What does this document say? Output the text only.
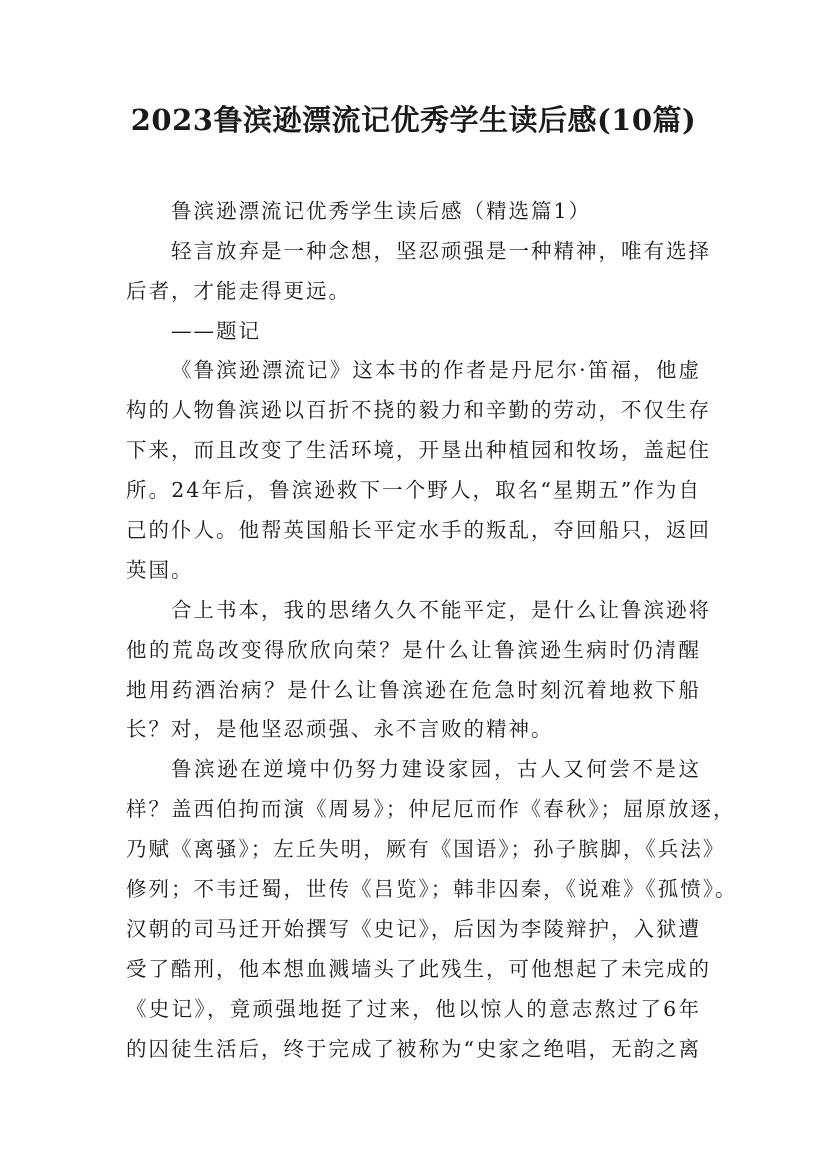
2023鲁滨逊漂流记优秀学生读后感(10篇)
鲁滨逊漂流记优秀学生读后感（精选篇1）
轻言放弃是一种念想，坚忍顽强是一种精神，唯有选择
后者，才能走得更远。
——题记
《鲁滨逊漂流记》这本书的作者是丹尼尔·笛福，他虚
构的人物鲁滨逊以百折不挠的毅力和辛勤的劳动，不仅生存
下来，而且改变了生活环境，开垦出种植园和牧场，盖起住
所。24年后，鲁滨逊救下一个野人，取名“星期五”作为自
己的仆人。他帮英国船长平定水手的叛乱，夺回船只，返回
英国。
合上书本，我的思绪久久不能平定，是什么让鲁滨逊将
他的荒岛改变得欣欣向荣？是什么让鲁滨逊生病时仍清醒
地用药酒治病？是什么让鲁滨逊在危急时刻沉着地救下船
长？对，是他坚忍顽强、永不言败的精神。
鲁滨逊在逆境中仍努力建设家园，古人又何尝不是这
样？盖西伯拘而演《周易》；仲尼厄而作《春秋》；屈原放逐，
乃赋《离骚》；左丘失明，厥有《国语》；孙子膑脚，《兵法》
修列；不韦迁蜀，世传《吕览》；韩非囚秦，《说难》《孤愤》。
汉朝的司马迁开始撰写《史记》，后因为李陵辩护，入狱遭
受了酷刑，他本想血溅墙头了此残生，可他想起了未完成的
《史记》，竟顽强地挺了过来，他以惊人的意志熬过了6年
的囚徒生活后，终于完成了被称为“史家之绝唱，无韵之离
